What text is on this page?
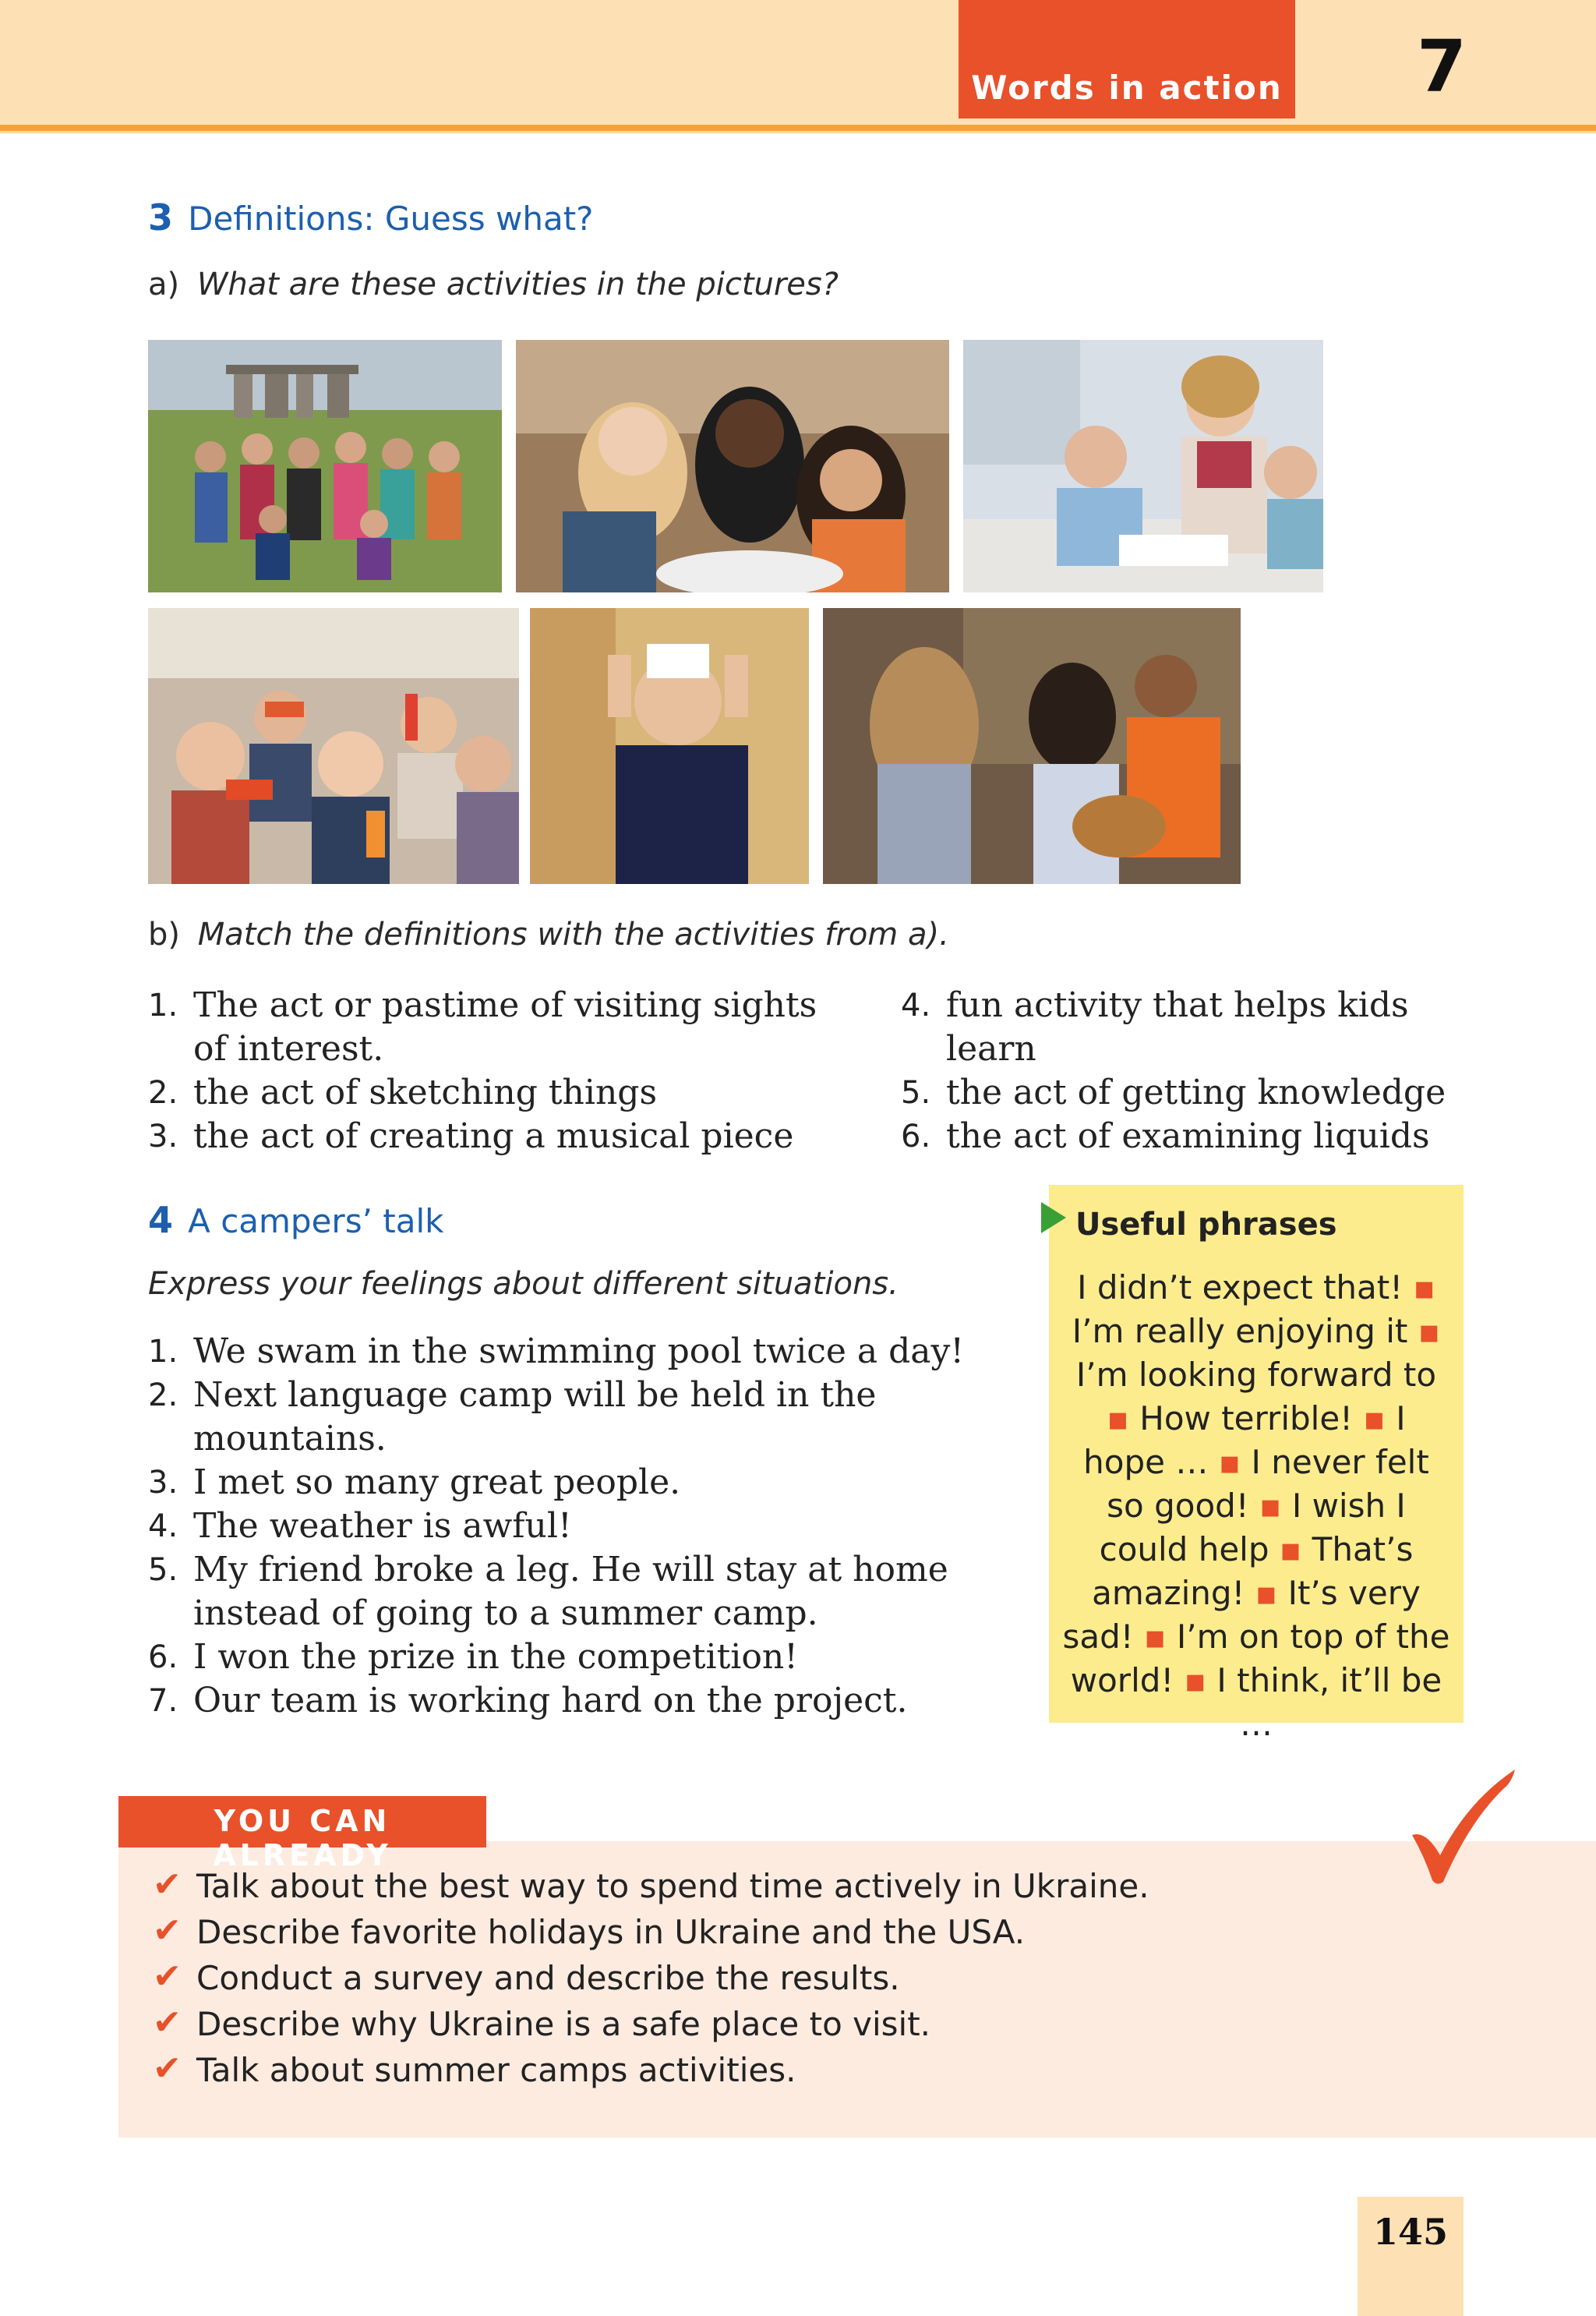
Words in action	7
3 Definitions: Guess what?
a) What are these activities in the pictures?
b) Match the definitions with the activities from a).
1. The act or pastime of visiting sights
of interest.
2. the act of sketching things
3. the act of creating a musical piece
4. fun activity that helps kids learn
5. the act of getting knowledge
6. the act of examining liquids
4 A campers’ talk
Express your feelings about different situations.
1. We swam in the swimming pool twice a day!
2. Next language camp will be held in the mountains.
3. I met so many great people.
4. The weather is awful!
5. My friend broke a leg. He will stay at home
instead of going to a summer camp.
6. I won the prize in the competition!
7. Our team is working hard on the project.
Useful phrases
I didn’t expect that! ▪ I’m really enjoying it ▪ I’m looking forward to ▪ How terrible! ▪ I hope … ▪ I never felt so good! ▪ I wish I could help ▪ That’s amazing! ▪ It’s very sad! ▪ I’m on top of the world! ▪ I think, it’ll be …
YOU CAN ALREADY
✔ Talk about the best way to spend time actively in Ukraine.
✔ Describe favorite holidays in Ukraine and the USA.
✔ Conduct a survey and describe the results.
✔ Describe why Ukraine is a safe place to visit.
✔ Talk about summer camps activities.
145
